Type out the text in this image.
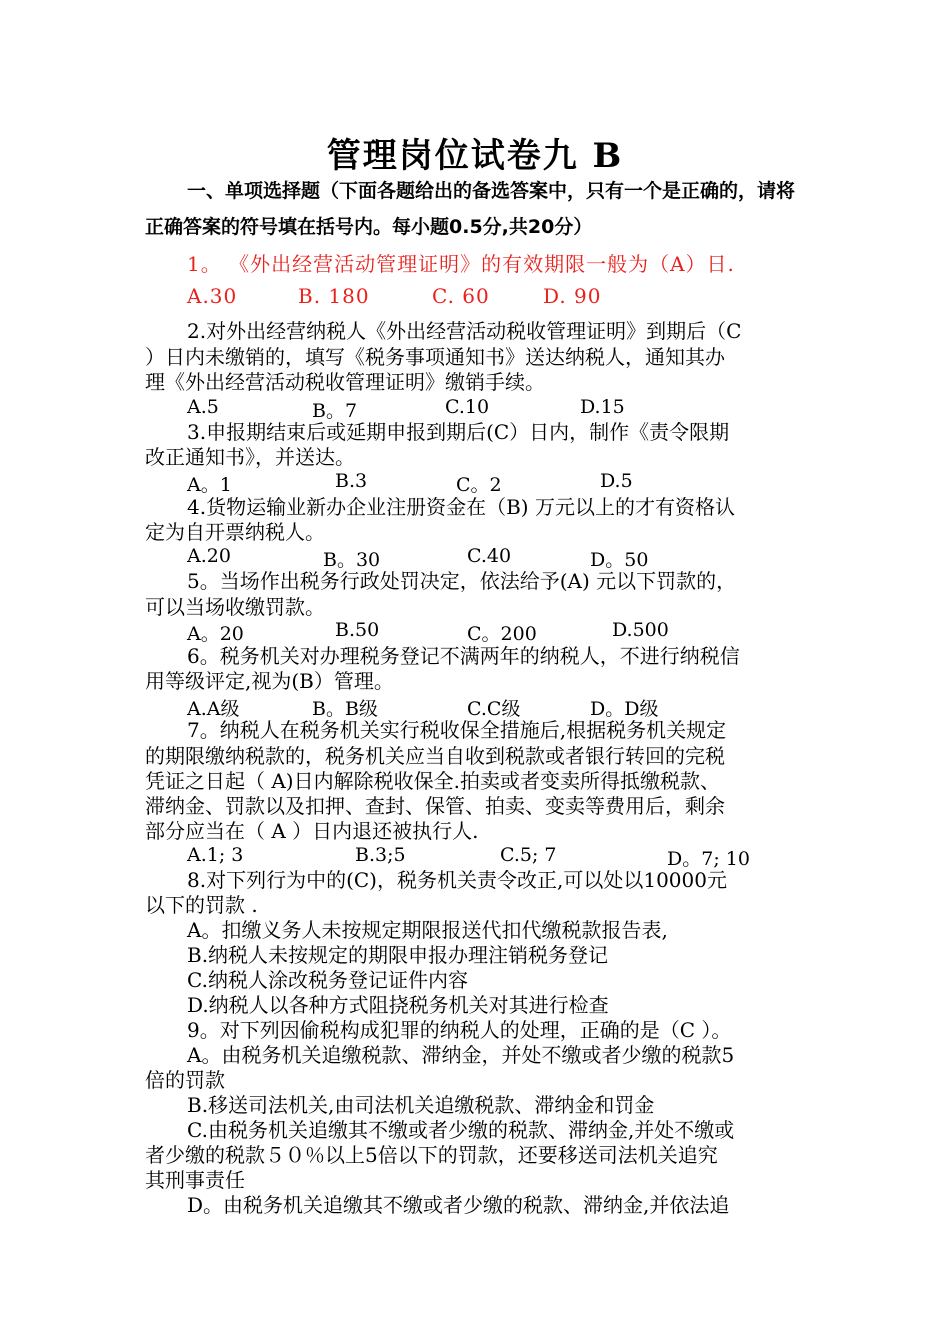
管理岗位试卷九 B
一、单项选择题（下面各题给出的备选答案中，只有一个是正确的，请将
正确答案的符号填在括号内。每小题0.5分,共20分）
1。 《外出经营活动管理证明》的有效期限一般为（A）日.
A.30	B. 180	C. 60	D. 90
2.对外出经营纳税人《外出经营活动税收管理证明》到期后（C
）日内未缴销的，填写《税务事项通知书》送达纳税人，通知其办
理《外出经营活动税收管理证明》缴销手续。
A.5	B。7	C.10	D.15
3.申报期结束后或延期申报到期后(C）日内，制作《责令限期
改正通知书》，并送达。
A。1	B.3	C。2	D.5
4.货物运输业新办企业注册资金在（B) 万元以上的才有资格认
定为自开票纳税人。
A.20	B。30	C.40	D。50
5。当场作出税务行政处罚决定，依法给予(A) 元以下罚款的，
可以当场收缴罚款。
A。20	B.50	C。200	D.500
6。税务机关对办理税务登记不满两年的纳税人，不进行纳税信
用等级评定,视为(B）管理。
A.A级	B。B级	C.C级	D。D级
7。纳税人在税务机关实行税收保全措施后,根据税务机关规定
的期限缴纳税款的，税务机关应当自收到税款或者银行转回的完税
凭证之日起（ A)日内解除税收保全.拍卖或者变卖所得抵缴税款、
滞纳金、罚款以及扣押、查封、保管、拍卖、变卖等费用后，剩余
部分应当在（ A ）日内退还被执行人.
A.1; 3	B.3;5	C.5; 7	D。7; 10
8.对下列行为中的(C)，税务机关责令改正,可以处以10000元
以下的罚款 .
A。扣缴义务人未按规定期限报送代扣代缴税款报告表,
B.纳税人未按规定的期限申报办理注销税务登记
C.纳税人涂改税务登记证件内容
D.纳税人以各种方式阻挠税务机关对其进行检查
9。对下列因偷税构成犯罪的纳税人的处理，正确的是（C ）。
A。由税务机关追缴税款、滞纳金，并处不缴或者少缴的税款5
倍的罚款
B.移送司法机关,由司法机关追缴税款、滞纳金和罚金
C.由税务机关追缴其不缴或者少缴的税款、滞纳金,并处不缴或
者少缴的税款５０％以上5倍以下的罚款，还要移送司法机关追究
其刑事责任
D。由税务机关追缴其不缴或者少缴的税款、滞纳金,并依法追
